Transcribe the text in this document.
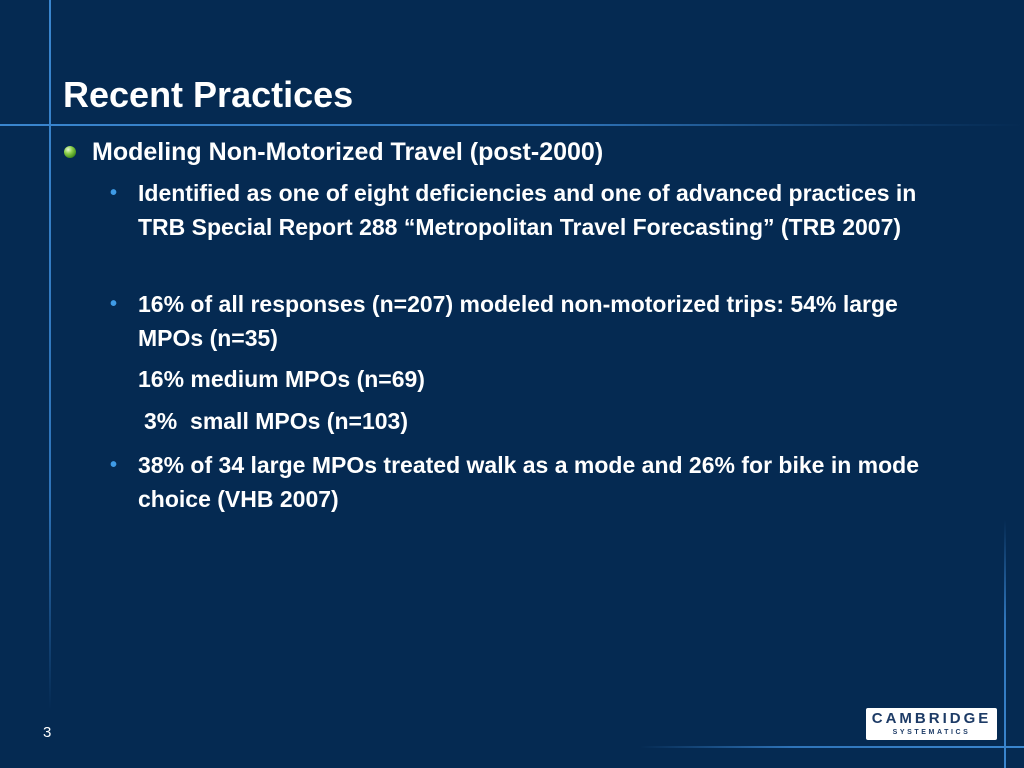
Recent Practices
Modeling Non-Motorized Travel (post-2000)
• Identified as one of eight deficiencies and one of advanced practices in TRB Special Report 288 “Metropolitan Travel Forecasting” (TRB 2007)
• 16% of all responses (n=207) modeled non-motorized trips: 54% large MPOs (n=35)
16% medium MPOs (n=69)
3%  small MPOs (n=103)
• 38% of 34 large MPOs treated walk as a mode and 26% for bike in mode choice (VHB 2007)
3
CAMBRIDGE
SYSTEMATICS
